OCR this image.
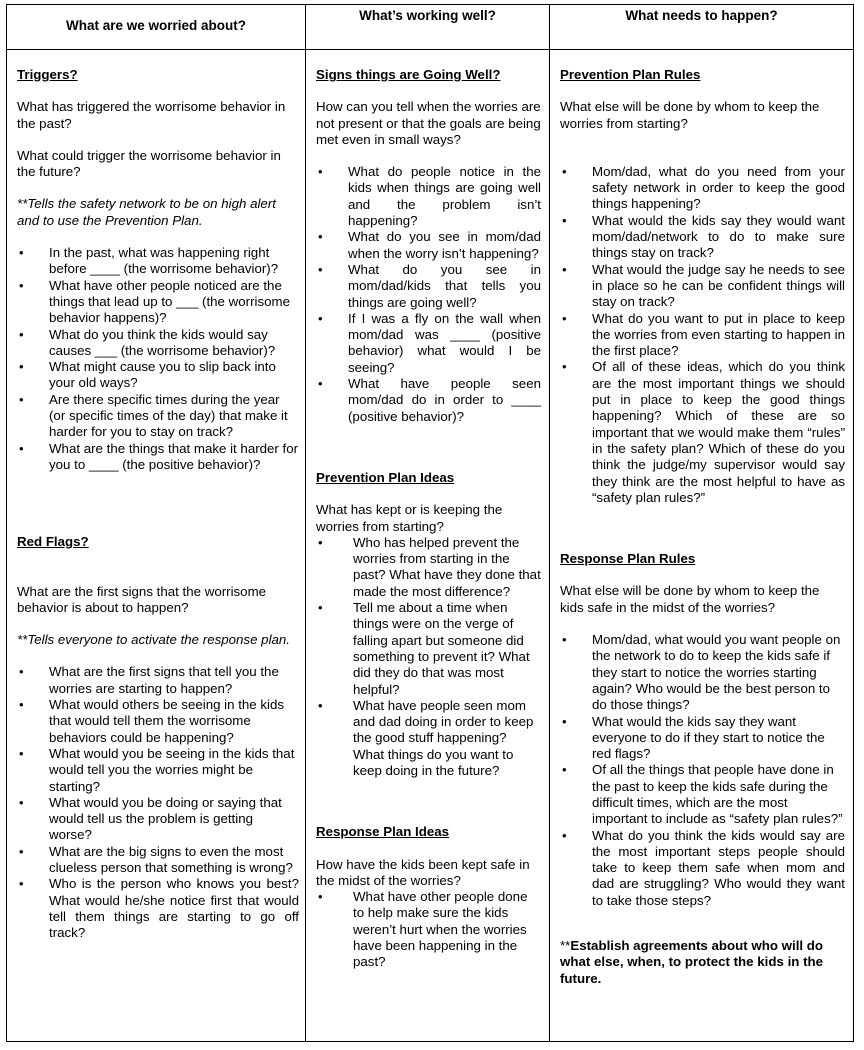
What are we worried about?
What’s working well?	What needs to happen?

Triggers?

What has triggered the worrisome behavior in the past?

What could trigger the worrisome behavior in the future?

**Tells the safety network to be on high alert and to use the Prevention Plan.

• In the past, what was happening right before ____ (the worrisome behavior)?
• What have other people noticed are the things that lead up to ___ (the worrisome behavior happens)?
• What do you think the kids would say causes ___ (the worrisome behavior)?
• What might cause you to slip back into your old ways?
• Are there specific times during the year (or specific times of the day) that make it harder for you to stay on track?
• What are the things that make it harder for you to ____ (the positive behavior)?

Red Flags?

What are the first signs that the worrisome behavior is about to happen?

**Tells everyone to activate the response plan.

• What are the first signs that tell you the worries are starting to happen?
• What would others be seeing in the kids that would tell them the worrisome behaviors could be happening?
• What would you be seeing in the kids that would tell you the worries might be starting?
• What would you be doing or saying that would tell us the problem is getting worse?
• What are the big signs to even the most clueless person that something is wrong?
• Who is the person who knows you best? What would he/she notice first that would tell them things are starting to go off track?

Signs things are Going Well?

How can you tell when the worries are not present or that the goals are being met even in small ways?

• What do people notice in the kids when things are going well and the problem isn’t happening?
• What do you see in mom/dad when the worry isn’t happening?
• What do you see in mom/dad/kids that tells you things are going well?
• If I was a fly on the wall when mom/dad was ____ (positive behavior) what would I be seeing?
• What have people seen mom/dad do in order to ____ (positive behavior)?

Prevention Plan Ideas

What has kept or is keeping the worries from starting?

• Who has helped prevent the worries from starting in the past? What have they done that made the most difference?
• Tell me about a time when things were on the verge of falling apart but someone did something to prevent it? What did they do that was most helpful?
• What have people seen mom and dad doing in order to keep the good stuff happening? What things do you want to keep doing in the future?

Response Plan Ideas

How have the kids been kept safe in the midst of the worries?

• What have other people done to help make sure the kids weren’t hurt when the worries have been happening in the past?

Prevention Plan Rules

What else will be done by whom to keep the worries from starting?

• Mom/dad, what do you need from your safety network in order to keep the good things happening?
• What would the kids say they would want mom/dad/network to do to make sure things stay on track?
• What would the judge say he needs to see in place so he can be confident things will stay on track?
• What do you want to put in place to keep the worries from even starting to happen in the first place?
• Of all of these ideas, which do you think are the most important things we should put in place to keep the good things happening? Which of these are so important that we would make them “rules” in the safety plan? Which of these do you think the judge/my supervisor would say they think are the most helpful to have as “safety plan rules?”

Response Plan Rules

What else will be done by whom to keep the kids safe in the midst of the worries?

• Mom/dad, what would you want people on the network to do to keep the kids safe if they start to notice the worries starting again? Who would be the best person to do those things?
• What would the kids say they want everyone to do if they start to notice the red flags?
• Of all the things that people have done in the past to keep the kids safe during the difficult times, which are the most important to include as “safety plan rules?”
• What do you think the kids would say are the most important steps people should take to keep them safe when mom and dad are struggling? Who would they want to take those steps?

**Establish agreements about who will do what else, when, to protect the kids in the future.
